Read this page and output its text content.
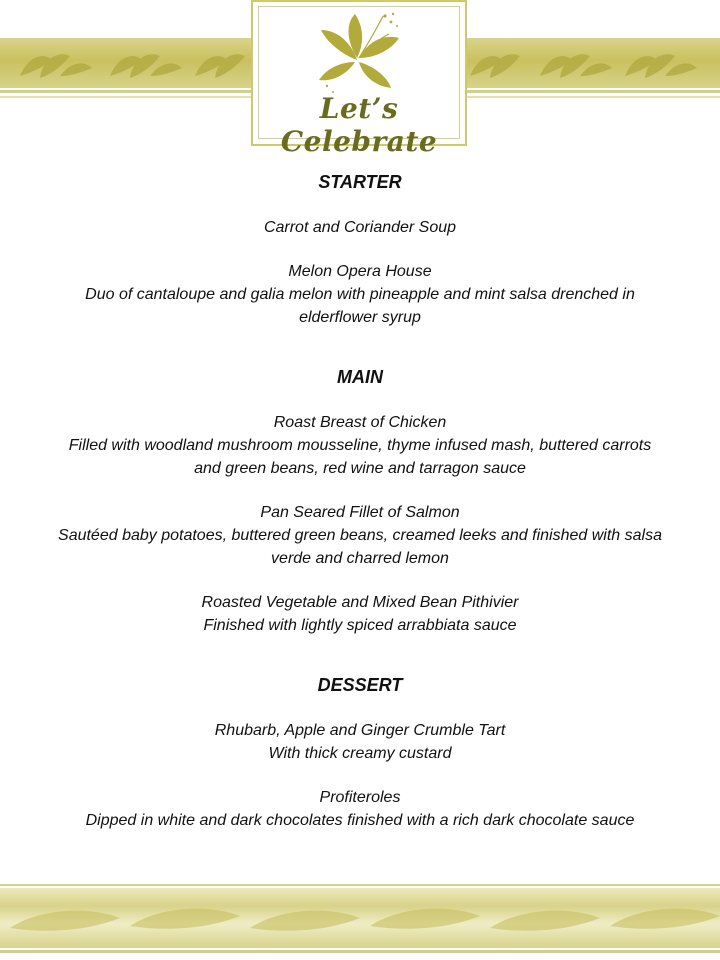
Let’s Celebrate
STARTER
Carrot and Coriander Soup
Melon Opera House
Duo of cantaloupe and galia melon with pineapple and mint salsa drenched in elderflower syrup
MAIN
Roast Breast of Chicken
Filled with woodland mushroom mousseline, thyme infused mash, buttered carrots and green beans, red wine and tarragon sauce
Pan Seared Fillet of Salmon
Sautéed baby potatoes, buttered green beans, creamed leeks and finished with salsa verde and charred lemon
Roasted Vegetable and Mixed Bean Pithivier
Finished with lightly spiced arrabbiata sauce
DESSERT
Rhubarb, Apple and Ginger Crumble Tart
With thick creamy custard
Profiteroles
Dipped in white and dark chocolates finished with a rich dark chocolate sauce
